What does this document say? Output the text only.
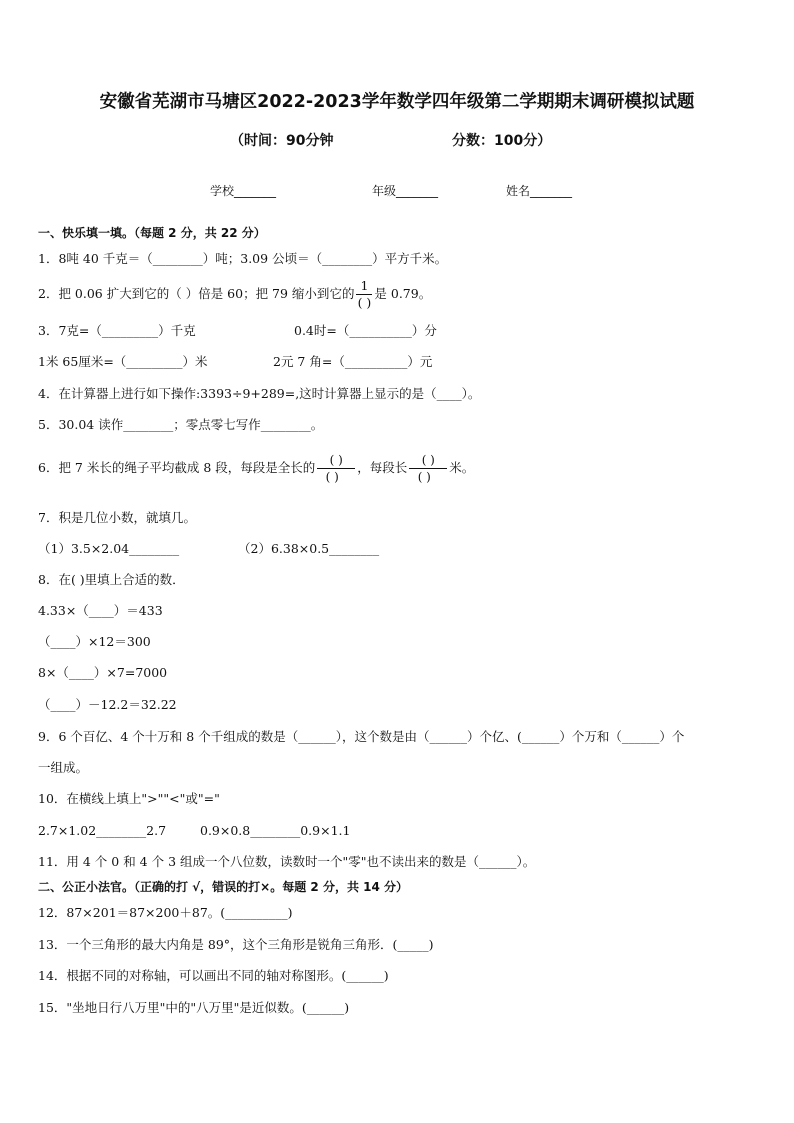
安徽省芜湖市马塘区2022-2023学年数学四年级第二学期期末调研模拟试题
（时间：90分钟	分数：100分）
学校_______	年级_______	姓名_______
一、快乐填一填。（每题 2 分，共 22 分）
1．8吨 40 千克＝（________）吨；3.09 公顷＝（________）平方千米。
2．把 0.06 扩大到它的（ ）倍是 60；把 79 缩小到它的 $\frac{1}{( )}$ 是 0.79。
3．7克=（_________）千克	0.4时=（__________）分
1米 65厘米=（_________）米	2元 7 角=（__________）元
4．在计算器上进行如下操作:3393÷9+289=,这时计算器上显示的是（____）。
5．30.04 读作________；零点零七写作________。
6．把 7 米长的绳子平均截成 8 段，每段是全长的 $\frac{( )}{( )}$ ，每段长 $\frac{( )}{( )}$ 米。
7．积是几位小数，就填几。
（1）3.5×2.04________	（2）6.38×0.5________
8．在( )里填上合适的数．
4.33×（____）＝433
（____）×12＝300
8×（____）×7=7000
（____）－12.2＝32.22
9．6 个百亿、4 个十万和 8 个千组成的数是（______），这个数是由（______）个亿、(______）个万和（______）个
一组成。
10．在横线上填上">""<"或"="
2.7×1.02________2.7	0.9×0.8________0.9×1.1
11．用 4 个 0 和 4 个 3 组成一个八位数，读数时一个"零"也不读出来的数是（______）。
二、公正小法官。（正确的打 √，错误的打×。每题 2 分，共 14 分）
12．87×201＝87×200＋87。(__________)
13．一个三角形的最大内角是 89°，这个三角形是锐角三角形．(_____)
14．根据不同的对称轴，可以画出不同的轴对称图形。(______)
15．"坐地日行八万里"中的"八万里"是近似数。(______)
